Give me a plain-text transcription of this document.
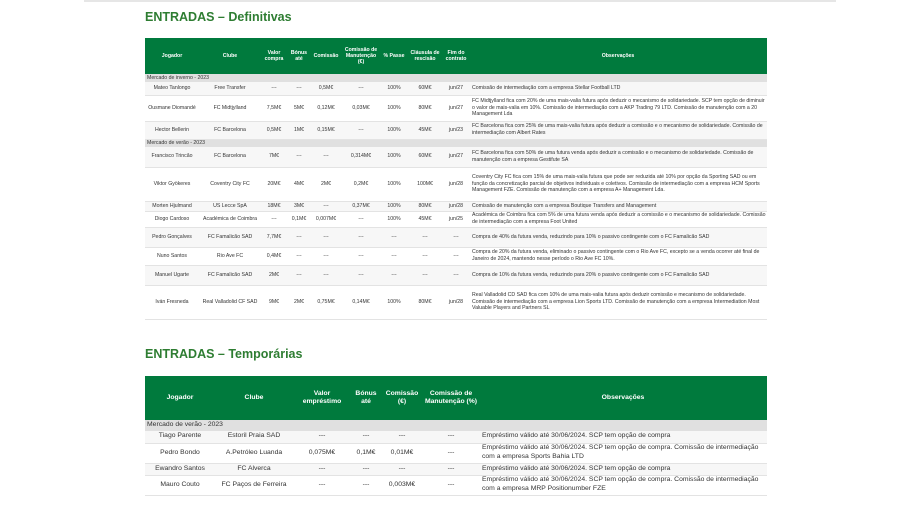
ENTRADAS – Definitivas
Jogador	Clube	Valor compra	Bónus até	Comissão	Comissão de Manutenção (€)	% Passe	Cláusula de rescisão	Fim do contrato	Observações
Mercado de inverno - 2023									
Mateo Tanlongo	Free Transfer	---	---	0,5M€	---	100%	60M€	jun/27	Comissão de intermediação com a empresa Stellar Football LTD
Ousmane Diomandé	FC Midtjylland	7,5M€	5M€	0,12M€	0,03M€	100%	80M€	jun/27	FC Midtjylland fica com 20% de uma mais-valia futura após deduzir o mecanismo de solidariedade. SCP tem opção de diminuir o valor de mais-valia em 10%. Comissão de intermediação com a AKP Trading 79 LTD. Comissão de manutenção com a 20 Management Lda
Hector Bellerin	FC Barcelona	0,5M€	1M€	0,15M€	---	100%	45M€	jun/23	FC Barcelona fica com 25% de uma mais-valia futura após deduzir a comissão e o mecanismo de solidariedade. Comissão de intermediação com Albert Rates
Mercado de verão - 2023									
Francisco Trincão	FC Barcelona	7M€	---	---	0,314M€	100%	60M€	jun/27	FC Barcelona fica com 50% de uma futura venda após deduzir a comissão e o mecanismo de solidariedade. Comissão de manutenção com a empresa Gestifute SA
Viktor Gyökeres	Coventry City FC	20M€	4M€	2M€	0,2M€	100%	100M€	jun/28	Coventry City FC fica com 15% de uma mais-valia futura que pode ser reduzida até 10% por opção da Sporting SAD ou em função da concretização parcial de objetivos individuais e coletivos. Comissão de intermediação com a empresa HCM Sports Management FZE. Comissão de manutenção com a empresa A+ Management Lda.
Morten Hjulmand	US Lecce SpA	18M€	3M€	---	0,37M€	100%	80M€	jun/28	Comissão de manutenção com a empresa Boutique Transfers and Management
Diogo Cardoso	Académica de Coimbra	---	0,1M€	0,007M€	---	100%	45M€	jun/25	Académica de Coimbra fica com 5% de uma futura venda após deduzir a comissão e o mecanismo de solidariedade. Comissão de intermediação com a empresa Foot United
Pedro Gonçalves	FC Famalicão SAD	7,7M€	---	---	---	---	---	---	Compra de 40% da futura venda, reduzindo para 10% o passivo contingente com o FC Famalicão SAD
Nuno Santos	Rio Ave FC	0,4M€	---	---	---	---	---	---	Compra de 20% da futura venda, eliminado o passivo contingente com o Rio Ave FC, excepto se a venda ocorrer até final de Janeiro de 2024, mantendo nesse período o Rio Ave FC 10%.
Manuel Ugarte	FC Famalicão SAD	2M€	---	---	---	---	---	---	Compra de 10% da futura venda, reduzindo para 20% o passivo contingente com o FC Famalicão SAD
Iván Fresneda	Real Valladolid CF SAD	9M€	2M€	0,75M€	0,14M€	100%	80M€	jun/28	Real Valladolid CD SAD fica com 10% de uma mais-valia futura após deduzir comissão e mecanismo de solidariedade. Comissão de intermediação com a empresa Lion Sports LTD. Comissão de manutenção com a empresa Intermediation Most Valuable Players and Partners SL
ENTRADAS – Temporárias
Jogador	Clube	Valor empréstimo	Bónus até	Comissão (€)	Comissão de Manutenção (%)	Observações
Mercado de verão - 2023						
Tiago Parente	Estoril Praia SAD	---	---	---	---	Empréstimo válido até 30/06/2024. SCP tem opção de compra
Pedro Bondo	A.Petróleo Luanda	0,075M€	0,1M€	0,01M€	---	Empréstimo válido até 30/06/2024. SCP tem opção de compra. Comissão de intermediação com a empresa Sports Bahia LTD
Ewandro Santos	FC Alverca	---	---	---	---	Empréstimo válido até 30/06/2024. SCP tem opção de compra
Mauro Couto	FC Paços de Ferreira	---	---	0,003M€	---	Empréstimo válido até 30/06/2024. SCP tem opção de compra. Comissão de intermediação com a empresa MRP Positionumber FZE
